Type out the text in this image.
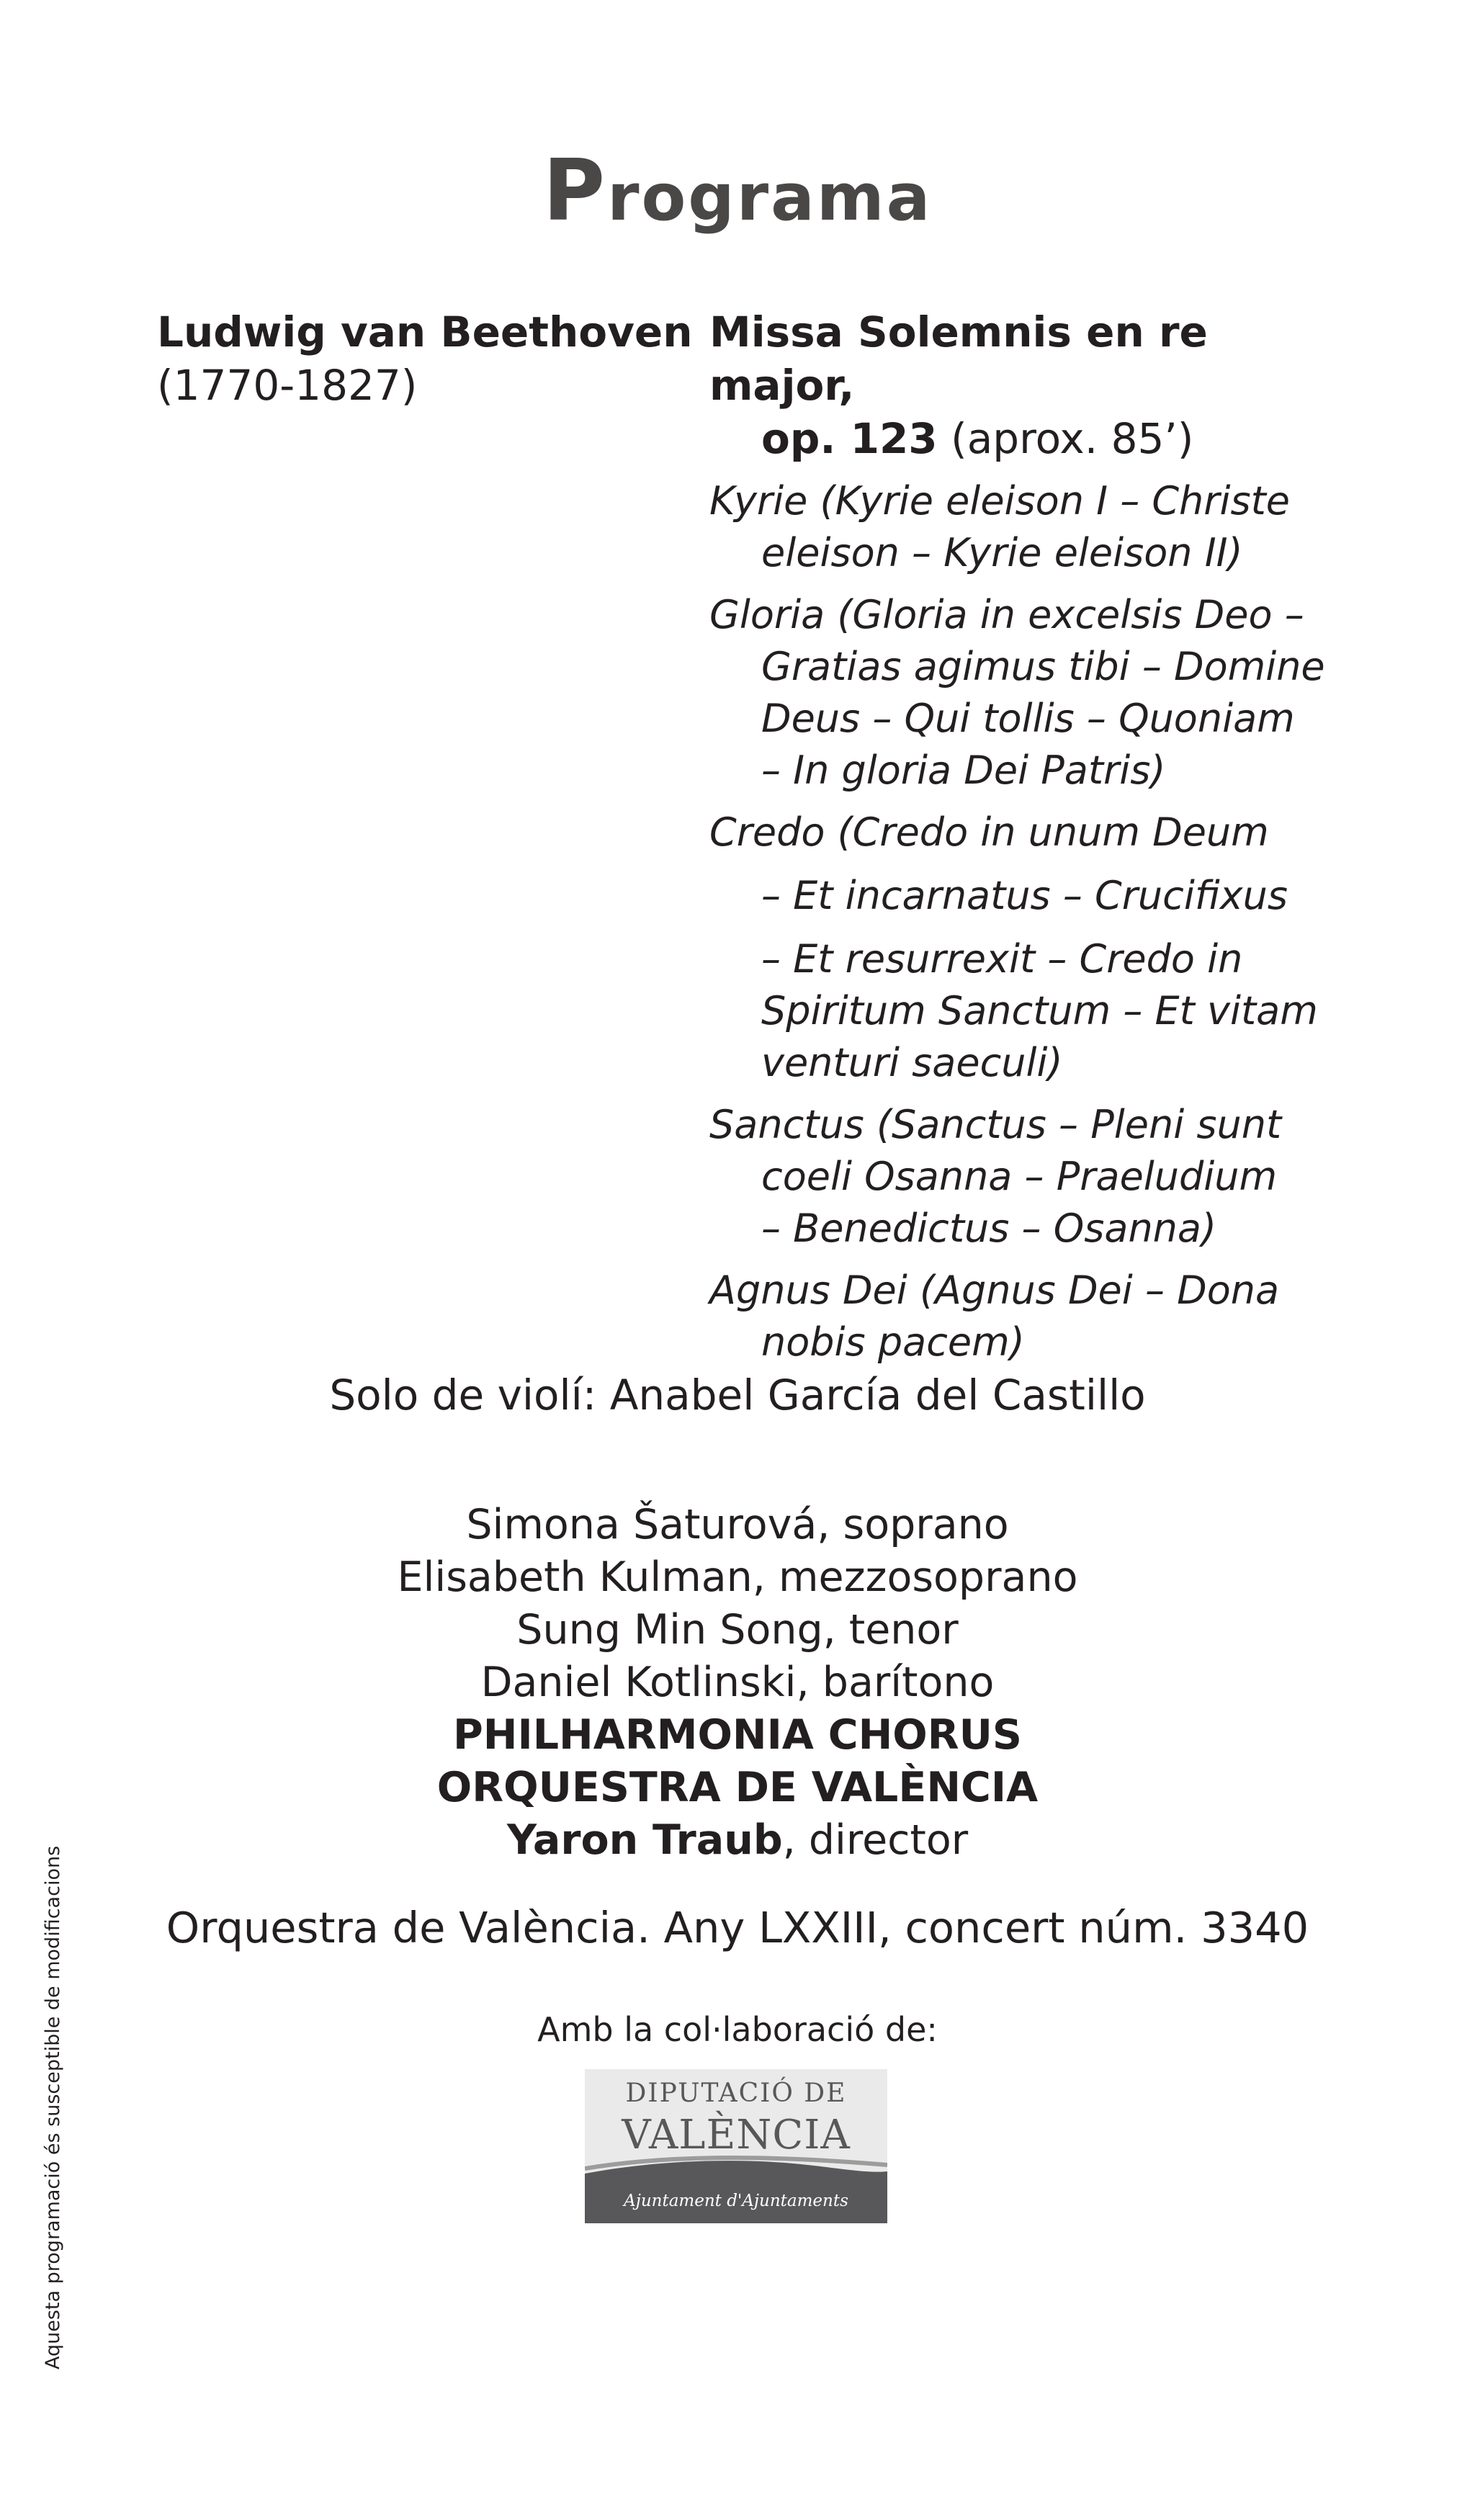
Programa
Ludwig van Beethoven
(1770-1827)
Missa Solemnis en re major,
op. 123 (aprox. 85’)
Kyrie (Kyrie eleison I – Christe
eleison – Kyrie eleison II)
Gloria (Gloria in excelsis Deo –
Gratias agimus tibi – Domine
Deus – Qui tollis – Quoniam
– In gloria Dei Patris)
Credo (Credo in unum Deum
– Et incarnatus – Crucifixus
– Et resurrexit – Credo in
Spiritum Sanctum – Et vitam
venturi saeculi)
Sanctus (Sanctus – Pleni sunt
coeli Osanna – Praeludium
– Benedictus – Osanna)
Agnus Dei (Agnus Dei – Dona
nobis pacem)
Solo de violí: Anabel García del Castillo
Simona Šaturová, soprano
Elisabeth Kulman, mezzosoprano
Sung Min Song, tenor
Daniel Kotlinski, barítono
PHILHARMONIA CHORUS
ORQUESTRA DE VALÈNCIA
Yaron Traub, director
Orquestra de València. Any LXXIII, concert núm. 3340
Amb la col·laboració de:
DIPUTACIÓ DE
VALÈNCIA
Ajuntament d'Ajuntaments
Aquesta programació és susceptible de modificacions
